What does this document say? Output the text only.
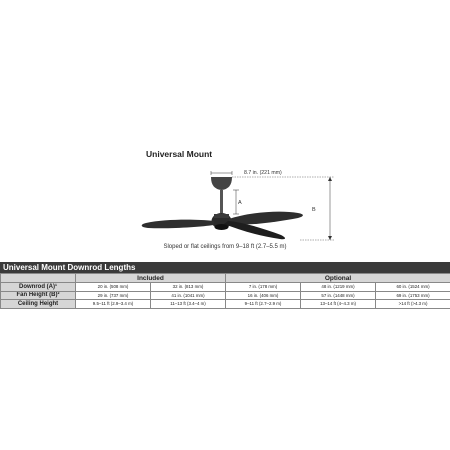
Universal Mount
8.7 in. (221 mm)
A
B
Sloped or flat ceilings from 9–18 ft (2.7–5.5 m)
Universal Mount Downrod Lengths
	Included		Optional		
Downrod (A)¹	20 in. (508 mm)	32 in. (813 mm)	7 in. (178 mm)	48 in. (1219 mm)	60 in. (1524 mm)
Fan Height (B)²	29 in. (737 mm)	41 in. (1041 mm)	16 in. (406 mm)	57 in. (1448 mm)	69 in. (1753 mm)
Ceiling Height	9.5–11 ft (2.9–3.4 m)	11–13 ft (3.4–4 m)	9–11 ft (2.7–2.9 m)	13–14 ft (4–4.3 m)	>14 ft (>4.3 m)
